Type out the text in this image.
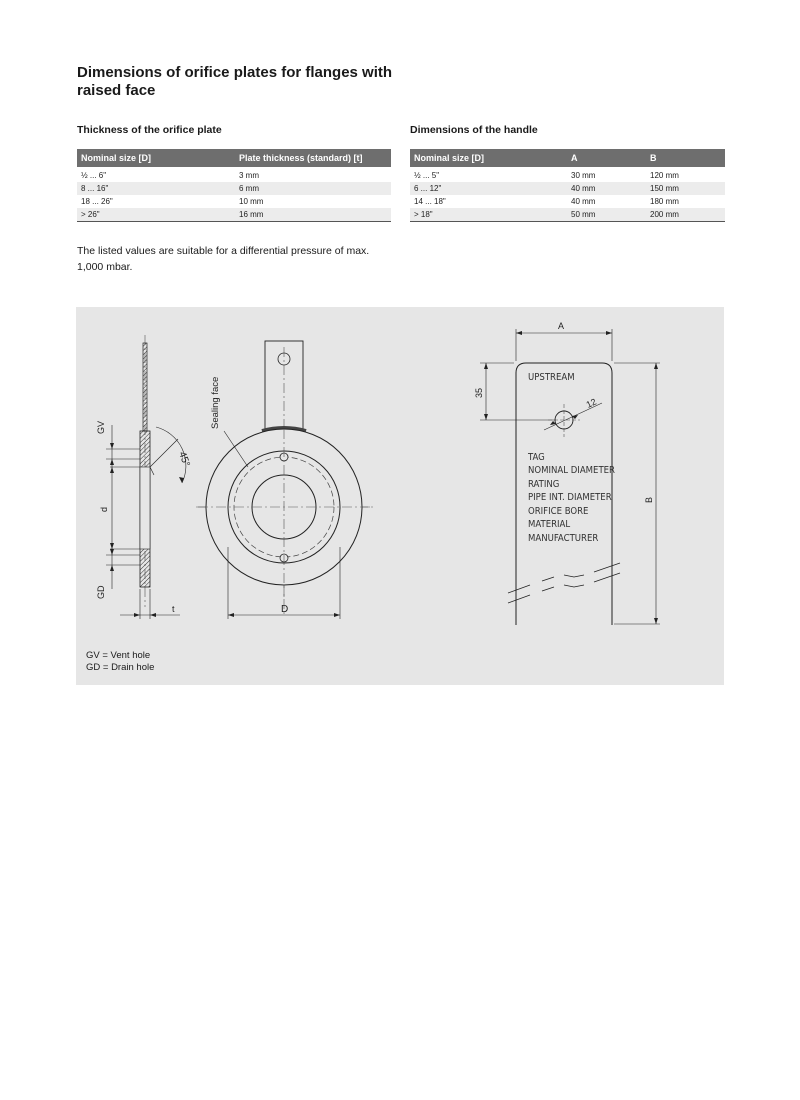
Dimensions of orifice plates for flanges with raised face
Thickness of the orifice plate
Nominal size [D]	Plate thickness (standard) [t]
½ ... 6"	3 mm
8 ... 16"	6 mm
18 ... 26"	10 mm
> 26"	16 mm
Dimensions of the handle
Nominal size [D]	A	B
½ ... 5"	30 mm	120 mm
6 ... 12"	40 mm	150 mm
14 ... 18"	40 mm	180 mm
> 18"	50 mm	200 mm

The listed values are suitable for a differential pressure of max. 1,000 mbar.

GV
d
GD
t
45°
Sealing face
D
A
35
12
B
UPSTREAM
TAG
NOMINAL DIAMETER
RATING
PIPE INT. DIAMETER
ORIFICE BORE
MATERIAL
MANUFACTURER
GV = Vent hole
GD = Drain hole
